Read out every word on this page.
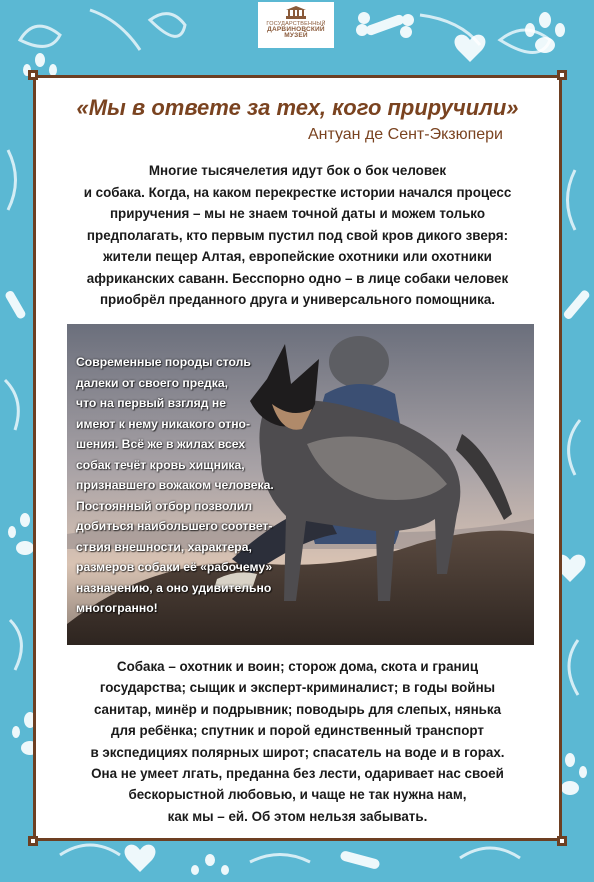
ГОСУДАРСТВЕННЫЙ
ДАРВИНОВСКИЙ
МУЗЕЙ
«Мы в ответе за тех, кого приручили»
Антуан де Сент-Экзюпери
Многие тысячелетия идут бок о бок человек
и собака. Когда, на каком перекрестке истории начался процесс
приручения – мы не знаем точной даты и можем только
предполагать, кто первым пустил под свой кров дикого зверя:
жители пещер Алтая, европейские охотники или охотники
африканских саванн. Бесспорно одно – в лице собаки человек
приобрёл преданного друга и универсального помощника.
Современные породы столь
далеки от своего предка,
что на первый взгляд не
имеют к нему никакого отно-
шения. Всё же в жилах всех
собак течёт кровь хищника,
признавшего вожаком человека.
Постоянный отбор позволил
добиться наибольшего соответ-
ствия внешности, характера,
размеров собаки её «рабочему»
назначению, а оно удивительно
многогранно!
Собака – охотник и воин; сторож дома, скота и границ
государства; сыщик и эксперт-криминалист; в годы войны
санитар, минёр и подрывник; поводырь для слепых, нянька
для ребёнка; спутник и порой единственный транспорт
в экспедициях полярных широт; спасатель на воде и в горах.
Она не умеет лгать, преданна без лести, одаривает нас своей
бескорыстной любовью, и чаще не так нужна нам,
как мы – ей. Об этом нельзя забывать.
